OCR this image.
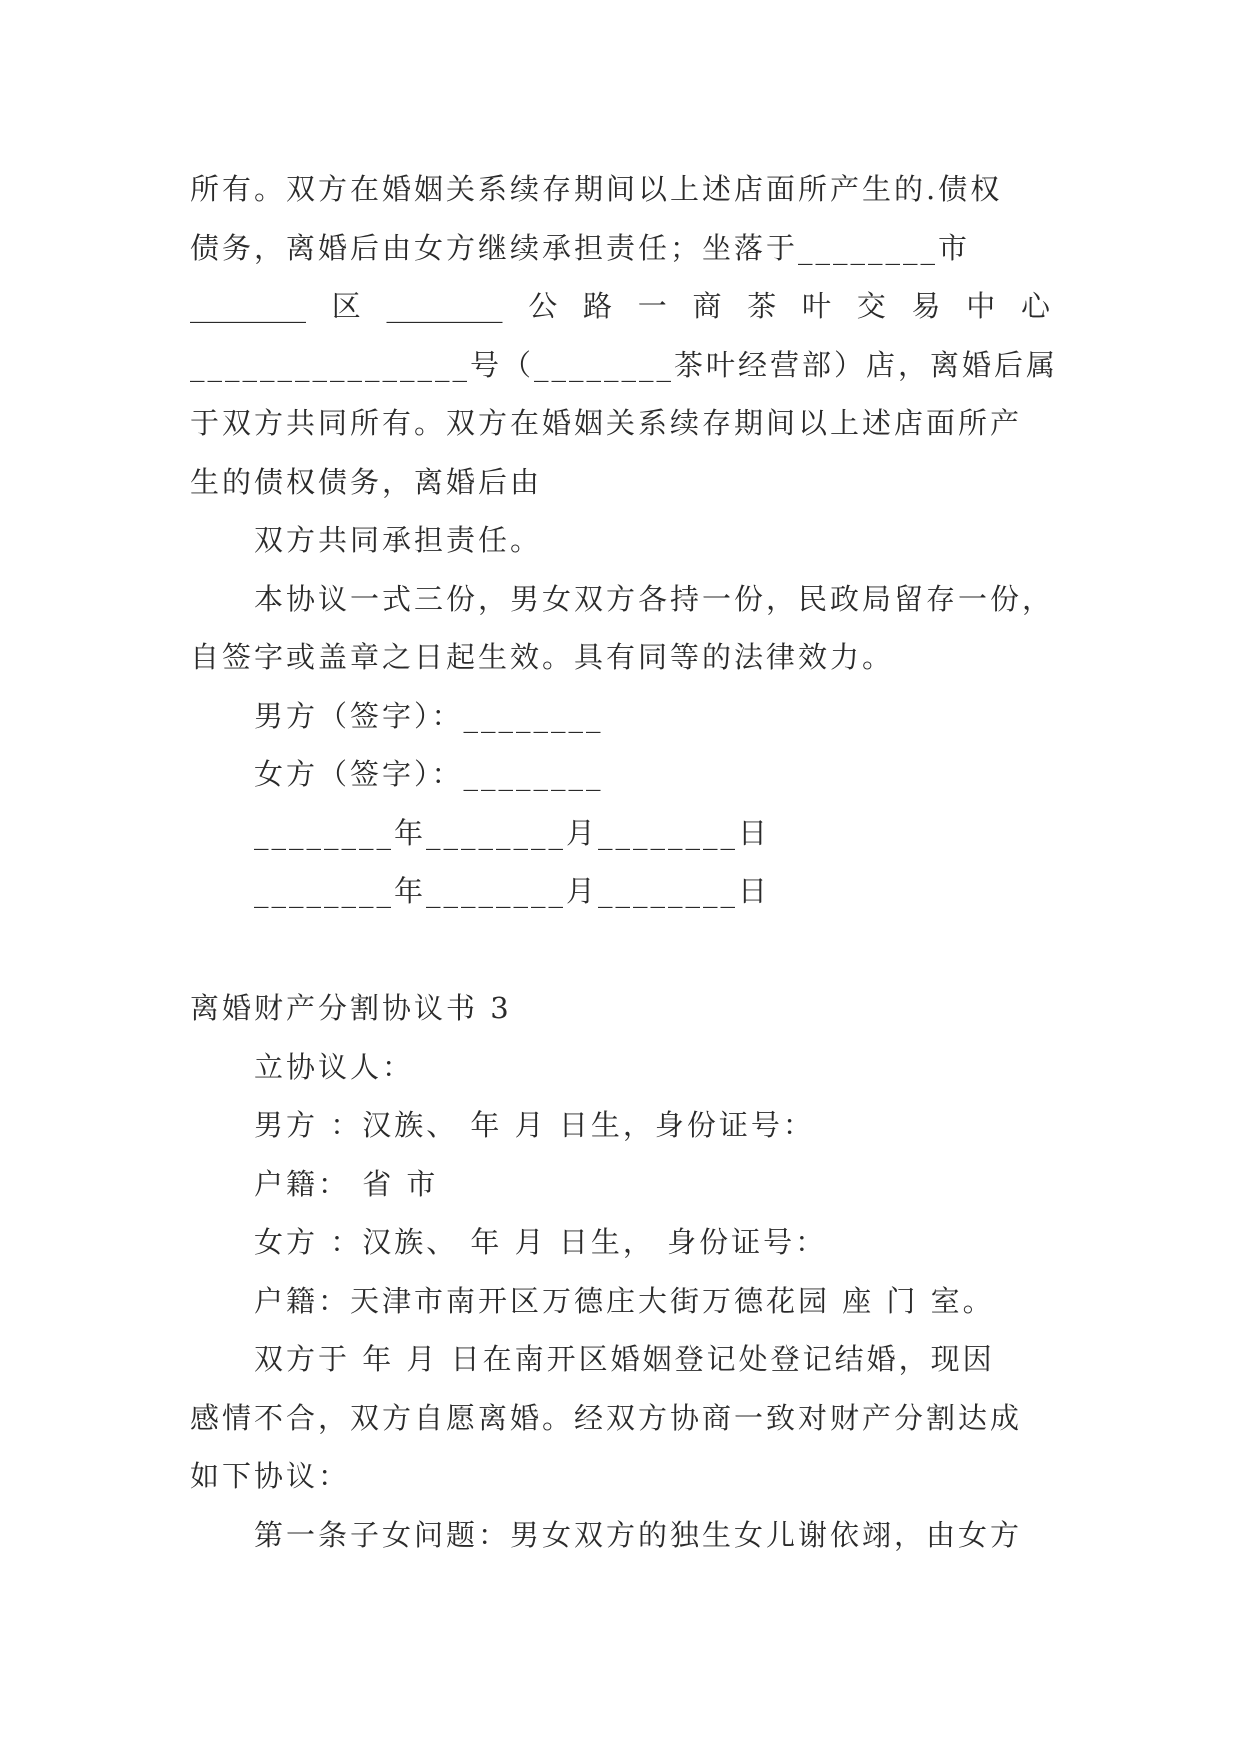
所有。双方在婚姻关系续存期间以上述店面所产生的.债权
债务，离婚后由女方继续承担责任；坐落于________市
________ 区 ________ 公 路 一 商 茶 叶 交 易 中 心
________________号（________茶叶经营部）店，离婚后属
于双方共同所有。双方在婚姻关系续存期间以上述店面所产
生的债权债务，离婚后由
双方共同承担责任。
本协议一式三份，男女双方各持一份，民政局留存一份，
自签字或盖章之日起生效。具有同等的法律效力。
男方（签字）：________
女方（签字）：________
________年________月________日
________年________月________日
离婚财产分割协议书 3
立协议人：
男方 ：汉族、 年 月 日生，身份证号：
户籍： 省 市
女方 ：汉族、 年 月 日生， 身份证号：
户籍：天津市南开区万德庄大街万德花园 座 门 室。
双方于 年 月 日在南开区婚姻登记处登记结婚，现因
感情不合，双方自愿离婚。经双方协商一致对财产分割达成
如下协议：
第一条子女问题：男女双方的独生女儿谢依翊，由女方
